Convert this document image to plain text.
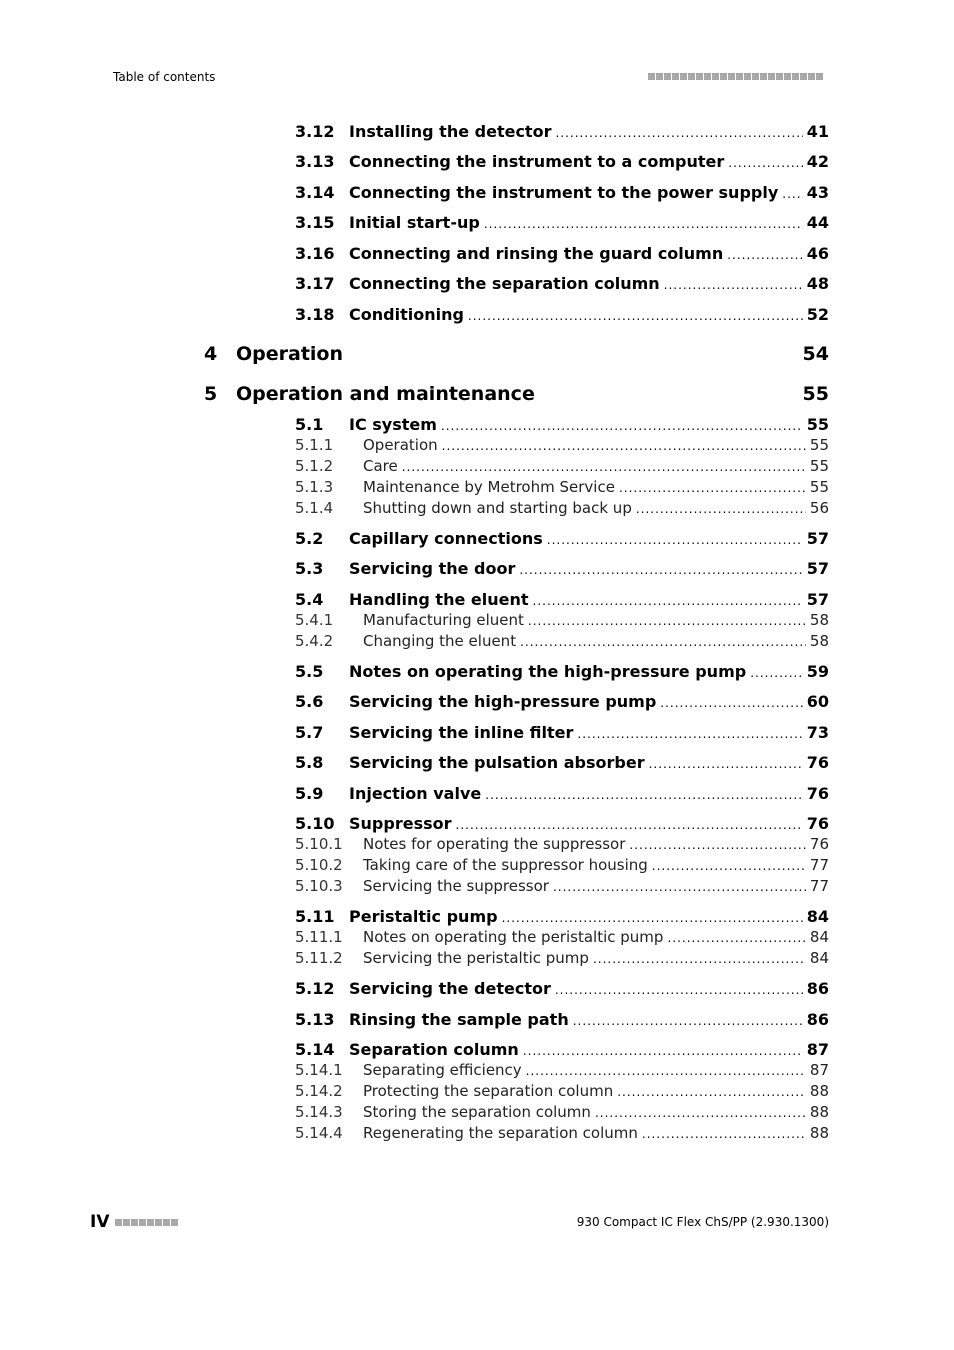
Table of contents
3.12 Installing the detector .....	41
3.13 Connecting the instrument to a computer .....	42
3.14 Connecting the instrument to the power supply ..... 43
3.15 Initial start-up .....	44
3.16 Connecting and rinsing the guard column .....	46
3.17 Connecting the separation column .....	48
3.18 Conditioning .....	52
4 Operation	54
5 Operation and maintenance	55
5.1	IC system .....	55
5.1.1	Operation .....	55
5.1.2	Care .....	55
5.1.3	Maintenance by Metrohm Service .....	55
5.1.4	Shutting down and starting back up .....	56
5.2	Capillary connections .....	57
5.3	Servicing the door .....	57
5.4	Handling the eluent .....	57
5.4.1	Manufacturing eluent .....	58
5.4.2	Changing the eluent .....	58
5.5	Notes on operating the high-pressure pump .....	59
5.6	Servicing the high-pressure pump .....	60
5.7	Servicing the inline filter .....	73
5.8	Servicing the pulsation absorber .....	76
5.9	Injection valve .....	76
5.10 Suppressor .....	76
5.10.1	Notes for operating the suppressor .....	76
5.10.2	Taking care of the suppressor housing .....	77
5.10.3	Servicing the suppressor .....	77
5.11 Peristaltic pump .....	84
5.11.1	Notes on operating the peristaltic pump .....	84
5.11.2	Servicing the peristaltic pump .....	84
5.12 Servicing the detector .....	86
5.13 Rinsing the sample path .....	86
5.14 Separation column .....	87
5.14.1	Separating efficiency .....	87
5.14.2	Protecting the separation column .....	88
5.14.3	Storing the separation column .....	88
5.14.4	Regenerating the separation column .....	88
IV	930 Compact IC Flex ChS/PP (2.930.1300)
